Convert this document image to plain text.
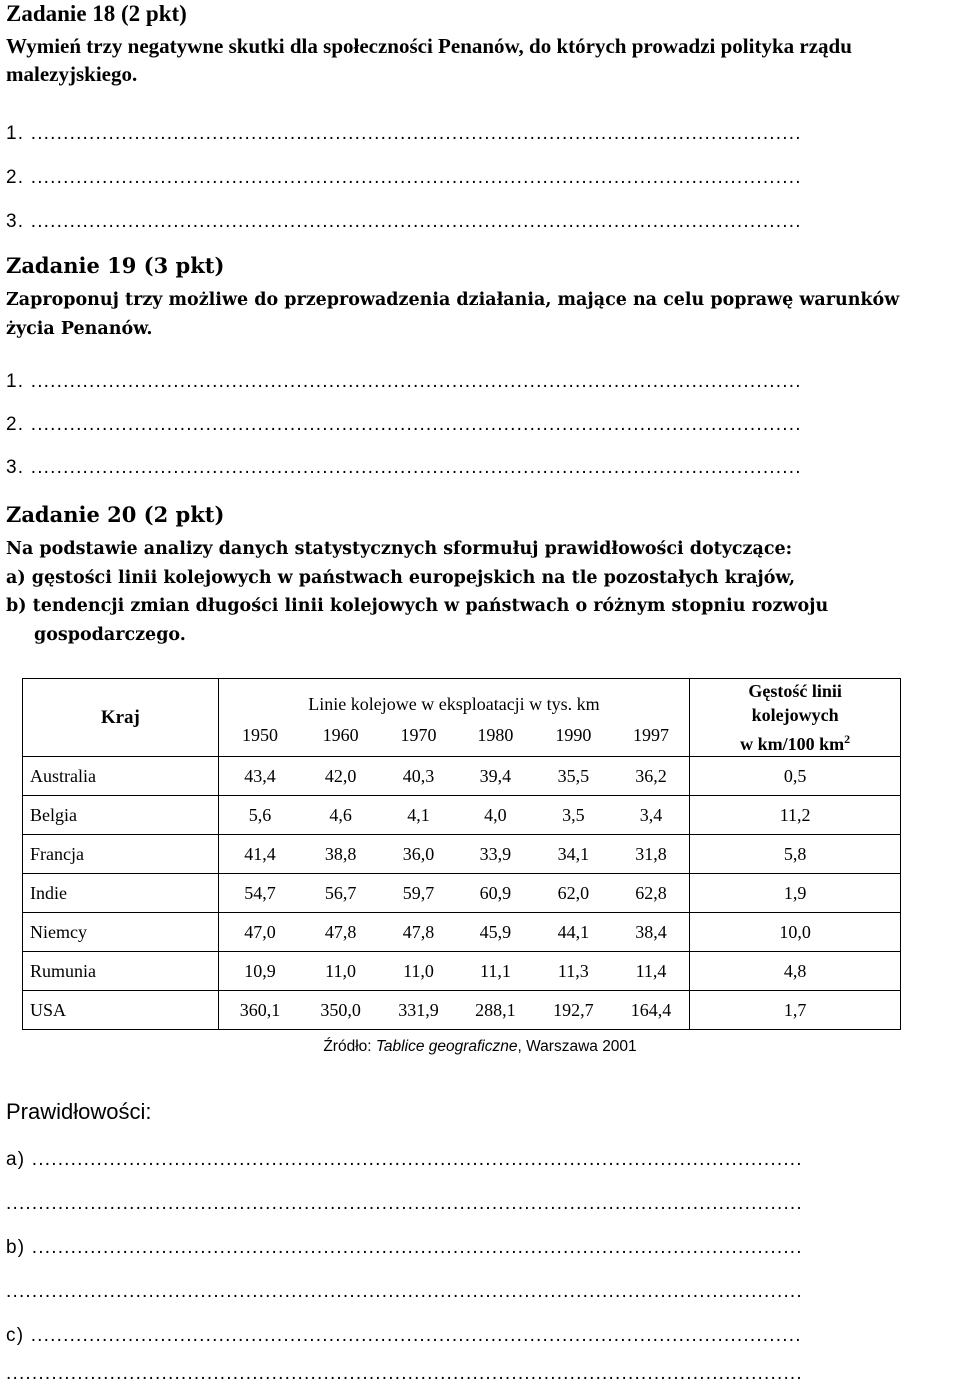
Zadanie 18 (2 pkt)
Wymień trzy negatywne skutki dla społeczności Penanów, do których prowadzi polityka rządu malezyjskiego.
1. .......................................................................................................................
2. .......................................................................................................................
3. .......................................................................................................................
Zadanie 19 (3 pkt)
Zaproponuj trzy możliwe do przeprowadzenia działania, mające na celu poprawę warunków życia Penanów.
1. .......................................................................................................................
2. .......................................................................................................................
3. .......................................................................................................................
Zadanie 20 (2 pkt)
Na podstawie analizy danych statystycznych sformułuj prawidłowości dotyczące:
a) gęstości linii kolejowych w państwach europejskich na tle pozostałych krajów,
b) tendencji zmian długości linii kolejowych w państwach o różnym stopniu rozwoju
gospodarczego.
Kraj	Linie kolejowe w eksploatacji w tys. km						Gęstość linii
kolejowych
w km/100 $km^2$

	1950	1960	1970	1980	1990	1997	
Australia	43,4	42,0	40,3	39,4	35,5	36,2	0,5
Belgia	5,6	4,6	4,1	4,0	3,5	3,4	11,2
Francja	41,4	38,8	36,0	33,9	34,1	31,8	5,8
Indie	54,7	56,7	59,7	60,9	62,0	62,8	1,9
Niemcy	47,0	47,8	47,8	45,9	44,1	38,4	10,0
Rumunia	10,9	11,0	11,0	11,1	11,3	11,4	4,8
USA	360,1	350,0	331,9	288,1	192,7	164,4	1,7
Źródło: Tablice geograficzne, Warszawa 2001
Prawidłowości:
a) .......................................................................................................................
...........................................................................................................................
b) .......................................................................................................................
...........................................................................................................................
c) .......................................................................................................................
...........................................................................................................................
